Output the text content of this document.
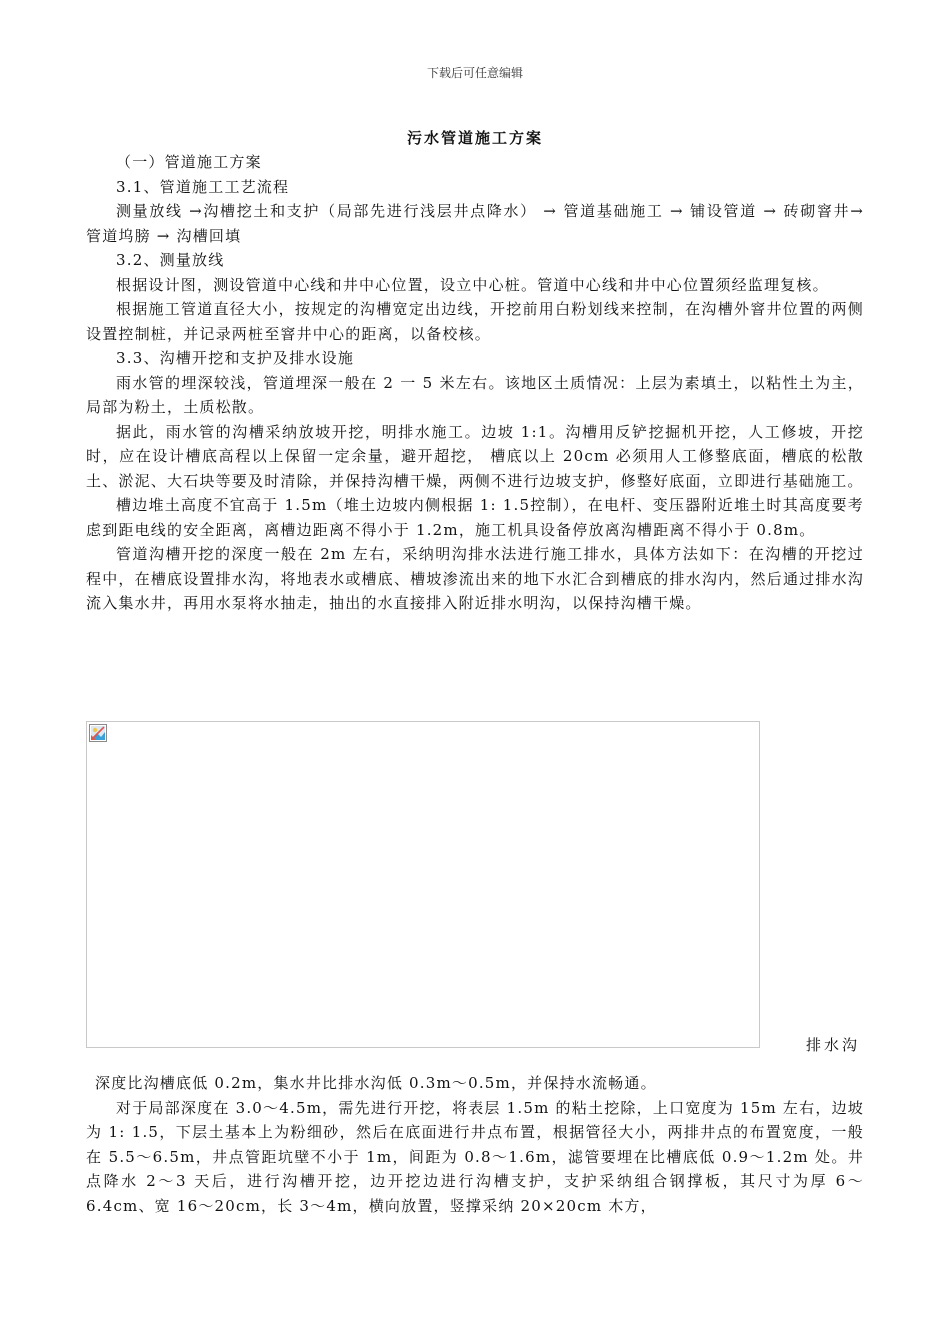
下载后可任意编辑
污水管道施工方案

（一）管道施工方案

3.1、管道施工工艺流程

测量放线 →沟槽挖土和支护（局部先进行浅层井点降水） → 管道基础施工 → 铺设管道 → 砖砌窨井→ 管道坞膀 → 沟槽回填

3.2、测量放线

根据设计图，测设管道中心线和井中心位置，设立中心桩。管道中心线和井中心位置须经监理复核。

根据施工管道直径大小，按规定的沟槽宽定出边线，开挖前用白粉划线来控制，在沟槽外窨井位置的两侧设置控制桩，并记录两桩至窨井中心的距离，以备校核。

3.3、沟槽开挖和支护及排水设施

雨水管的埋深较浅，管道埋深一般在 2 一 5 米左右。该地区土质情况：上层为素填土，以粘性土为主，局部为粉土，土质松散。

据此，雨水管的沟槽采纳放坡开挖，明排水施工。边坡 1:1。沟槽用反铲挖掘机开挖，人工修坡，开挖时，应在设计槽底高程以上保留一定余量，避开超挖， 槽底以上 20cm 必须用人工修整底面，槽底的松散土、淤泥、大石块等要及时清除，并保持沟槽干燥，两侧不进行边坡支护，修整好底面，立即进行基础施工。

槽边堆土高度不宜高于 1.5m（堆土边坡内侧根据 1: 1.5控制），在电杆、变压器附近堆土时其高度要考虑到距电线的安全距离，离槽边距离不得小于 1.2m，施工机具设备停放离沟槽距离不得小于 0.8m。

管道沟槽开挖的深度一般在 2m 左右，采纳明沟排水法进行施工排水，具体方法如下：在沟槽的开挖过程中，在槽底设置排水沟，将地表水或槽底、槽坡渗流出来的地下水汇合到槽底的排水沟内，然后通过排水沟流入集水井，再用水泵将水抽走，抽出的水直接排入附近排水明沟，以保持沟槽干燥。

排水沟

深度比沟槽底低 0.2m，集水井比排水沟低 0.3m～0.5m，并保持水流畅通。

对于局部深度在 3.0～4.5m，需先进行开挖，将表层 1.5m 的粘土挖除，上口宽度为 15m 左右，边坡为 1: 1.5，下层土基本上为粉细砂，然后在底面进行井点布置，根据管径大小，两排井点的布置宽度，一般在 5.5～6.5m，井点管距坑壁不小于 1m，间距为 0.8～1.6m，滤管要埋在比槽底低 0.9～1.2m 处。井点降水 2～3 天后，进行沟槽开挖，边开挖边进行沟槽支护，支护采纳组合钢撑板，其尺寸为厚 6～6.4cm、宽 16～20cm，长 3～4m，横向放置，竖撑采纳 20×20cm 木方，
